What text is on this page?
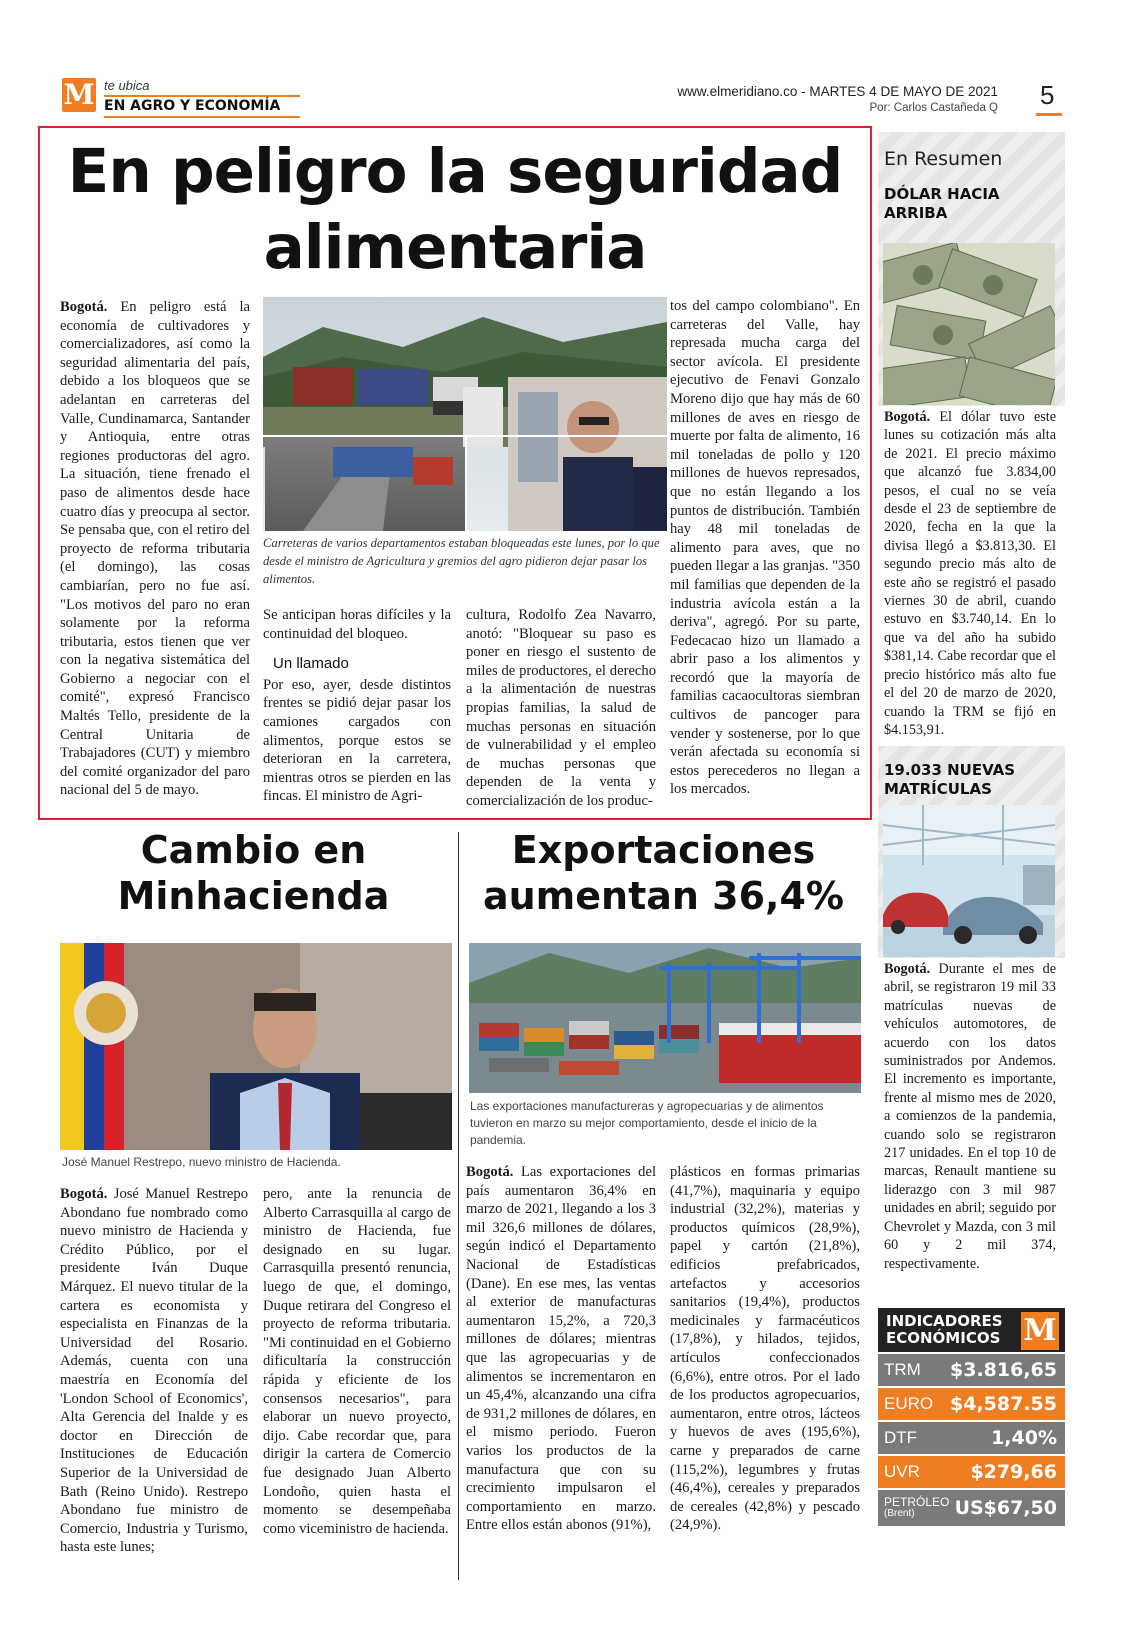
M te ubica
EN AGRO Y ECONOMÍA
www.elmeridiano.co - MARTES 4 DE MAYO DE 2021
Por: Carlos Castañeda Q 5
En peligro la seguridad
alimentaria
Bogotá. En peligro está la economía de cultivadores y comercializadores, así como la seguridad alimentaria del país, debido a los bloqueos que se adelantan en carreteras del Valle, Cundinamarca, Santander y Antioquia, entre otras regiones productoras del agro. La situación, tiene frenado el paso de alimentos desde hace cuatro días y preocupa al sector. Se pensaba que, con el retiro del proyecto de reforma tributaria (el domingo), las cosas cambiarían, pero no fue así. "Los motivos del paro no eran solamente por la reforma tributaria, estos tienen que ver con la negativa sistemática del Gobierno a negociar con el comité", expresó Francisco Maltés Tello, presidente de la Central Unitaria de Trabajadores (CUT) y miembro del comité organizador del paro nacional del 5 de mayo.
Carreteras de varios departamentos estaban bloqueadas este lunes, por lo que desde el ministro de Agricultura y gremios del agro pidieron dejar pasar los alimentos.
Se anticipan horas difíciles y la continuidad del bloqueo.
Un llamado
Por eso, ayer, desde distintos frentes se pidió dejar pasar los camiones cargados con alimentos, porque estos se deterioran en la carretera, mientras otros se pierden en las fincas. El ministro de Agri-
cultura, Rodolfo Zea Navarro, anotó: "Bloquear su paso es poner en riesgo el sustento de miles de productores, el derecho a la alimentación de nuestras propias familias, la salud de muchas personas en situación de vulnerabilidad y el empleo de muchas personas que dependen de la venta y comercialización de los produc-
tos del campo colombiano". En carreteras del Valle, hay represada mucha carga del sector avícola. El presidente ejecutivo de Fenavi Gonzalo Moreno dijo que hay más de 60 millones de aves en riesgo de muerte por falta de alimento, 16 mil toneladas de pollo y 120 millones de huevos represados, que no están llegando a los puntos de distribución. También hay 48 mil toneladas de alimento para aves, que no pueden llegar a las granjas. "350 mil familias que dependen de la industria avícola están a la deriva", agregó. Por su parte, Fedecacao hizo un llamado a abrir paso a los alimentos y recordó que la mayoría de familias cacaocultoras siembran cultivos de pancoger para vender y sostenerse, por lo que verán afectada su economía si estos perecederos no llegan a los mercados.
Cambio en
Minhacienda
José Manuel Restrepo, nuevo ministro de Hacienda.
Bogotá. José Manuel Restrepo Abondano fue nombrado como nuevo ministro de Hacienda y Crédito Público, por el presidente Iván Duque Márquez. El nuevo titular de la cartera es economista y especialista en Finanzas de la Universidad del Rosario. Además, cuenta con una maestría en Economía del 'London School of Economics', Alta Gerencia del Inalde y es doctor en Dirección de Instituciones de Educación Superior de la Universidad de Bath (Reino Unido). Restrepo Abondano fue ministro de Comercio, Industria y Turismo, hasta este lunes;
pero, ante la renuncia de Alberto Carrasquilla al cargo de ministro de Hacienda, fue designado en su lugar. Carrasquilla presentó renuncia, luego de que, el domingo, Duque retirara del Congreso el proyecto de reforma tributaria. "Mi continuidad en el Gobierno dificultaría la construcción rápida y eficiente de los consensos necesarios", para elaborar un nuevo proyecto, dijo. Cabe recordar que, para dirigir la cartera de Comercio fue designado Juan Alberto Londoño, quien hasta el momento se desempeñaba como viceministro de hacienda.
Exportaciones
aumentan 36,4%
Las exportaciones manufactureras y agropecuarias y de alimentos tuvieron en marzo su mejor comportamiento, desde el inicio de la pandemia.
Bogotá. Las exportaciones del país aumentaron 36,4% en marzo de 2021, llegando a los 3 mil 326,6 millones de dólares, según indicó el Departamento Nacional de Estadísticas (Dane). En ese mes, las ventas al exterior de manufacturas aumentaron 15,2%, a 720,3 millones de dólares; mientras que las agropecuarias y de alimentos se incrementaron en un 45,4%, alcanzando una cifra de 931,2 millones de dólares, en el mismo periodo. Fueron varios los productos de la manufactura que con su crecimiento impulsaron el comportamiento en marzo. Entre ellos están abonos (91%),
plásticos en formas primarias (41,7%), maquinaria y equipo industrial (32,2%), materias y productos químicos (28,9%), papel y cartón (21,8%), edificios prefabricados, artefactos y accesorios sanitarios (19,4%), productos medicinales y farmacéuticos (17,8%), y hilados, tejidos, artículos confeccionados (6,6%), entre otros. Por el lado de los productos agropecuarios, aumentaron, entre otros, lácteos y huevos de aves (195,6%), carne y preparados de carne (115,2%), legumbres y frutas (46,4%), cereales y preparados de cereales (42,8%) y pescado (24,9%).
En Resumen
DÓLAR HACIA ARRIBA
Bogotá. El dólar tuvo este lunes su cotización más alta de 2021. El precio máximo que alcanzó fue 3.834,00 pesos, el cual no se veía desde el 23 de septiembre de 2020, fecha en la que la divisa llegó a $3.813,30. El segundo precio más alto de este año se registró el pasado viernes 30 de abril, cuando estuvo en $3.740,14. En lo que va del año ha subido $381,14. Cabe recordar que el precio histórico más alto fue el del 20 de marzo de 2020, cuando la TRM se fijó en $4.153,91.
19.033 NUEVAS MATRÍCULAS
Bogotá. Durante el mes de abril, se registraron 19 mil 33 matrículas nuevas de vehículos automotores, de acuerdo con los datos suministrados por Andemos. El incremento es importante, frente al mismo mes de 2020, a comienzos de la pandemia, cuando solo se registraron 217 unidades. En el top 10 de marcas, Renault mantiene su liderazgo con 3 mil 987 unidades en abril; seguido por Chevrolet y Mazda, con 3 mil 60 y 2 mil 374, respectivamente.
INDICADORES
ECONÓMICOS M
TRM $3.816,65
EURO $4,587.55
DTF	1,40%
UVR	$279,66
PETRÓLEO
(Brent)	US$67,50
